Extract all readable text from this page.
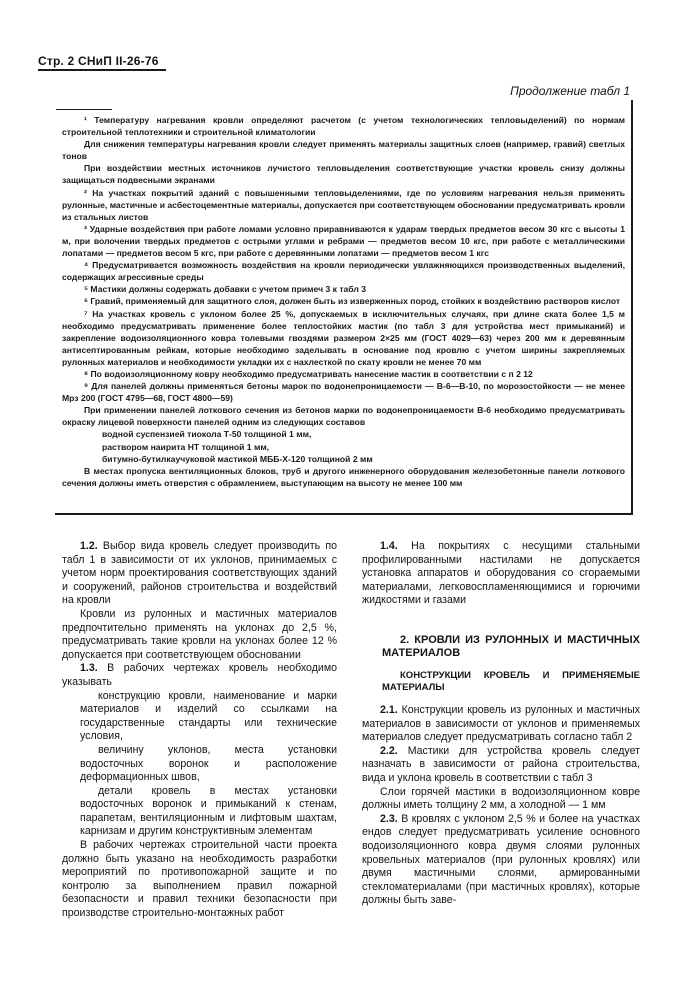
Стр. 2 СНиП II-26-76
Продолжение табл 1

¹ Температуру нагревания кровли определяют расчетом (с учетом технологических тепловыделений) по нормам строительной теплотехники и строительной климатологии

Для снижения температуры нагревания кровли следует применять материалы защитных слоев (например, гравий) светлых тонов

При воздействии местных источников лучистого тепловыделения соответствующие участки кровель снизу должны защищаться подвесными экранами

² На участках покрытий зданий с повышенными тепловыделениями, где по условиям нагревания нельзя применять рулонные, мастичные и асбестоцементные материалы, допускается при соответствующем обосновании предусматривать кровли из стальных листов

³ Ударные воздействия при работе ломами условно приравниваются к ударам твердых предметов весом 30 кгс с высоты 1 м, при волочении твердых предметов с острыми углами и ребрами — предметов весом 10 кгс, при работе с металлическими лопатами — предметов весом 5 кгс, при работе с деревянными лопатами — предметов весом 1 кгс

⁴ Предусматривается возможность воздействия на кровли периодически увлажняющихся производственных выделений, содержащих агрессивные среды

⁵ Мастики должны содержать добавки с учетом примеч 3 к табл 3

⁶ Гравий, применяемый для защитного слоя, должен быть из изверженных пород, стойких к воздействию растворов кислот

⁷ На участках кровель с уклоном более 25 %, допускаемых в исключительных случаях, при длине ската более 1,5 м необходимо предусматривать применение более теплостойких мастик (по табл 3 для устройства мест примыканий) и закрепление водоизоляционного ковра толевыми гвоздями размером 2×25 мм (ГОСТ 4029—63) через 200 мм к деревянным антисептированным рейкам, которые необходимо заделывать в основание под кровлю с учетом ширины закрепляемых рулонных материалов и необходимости укладки их с нахлесткой по скату кровли не менее 70 мм

⁸ По водоизоляционному ковру необходимо предусматривать нанесение мастик в соответствии с п 2 12

⁹ Для панелей должны применяться бетоны марок по водонепроницаемости — В-6—В-10, по морозостойкости — не менее Мрз 200 (ГОСТ 4795—68, ГОСТ 4800—59)

При применении панелей лоткового сечения из бетонов марки по водонепроницаемости В-6 необходимо предусматривать окраску лицевой поверхности панелей одним из следующих составов

водной суспензией тиокола Т-50 толщиной 1 мм,

раствором наирита НТ толщиной 1 мм,

битумно-бутилкаучуковой мастикой МББ-Х-120 толщиной 2 мм

В местах пропуска вентиляционных блоков, труб и другого инженерного оборудования железобетонные панели лоткового сечения должны иметь отверстия с обрамлением, выступающим на высоту не менее 100 мм

1.2. Выбор вида кровель следует производить по табл 1 в зависимости от их уклонов, принимаемых с учетом норм проектирования соответствующих зданий и сооружений, районов строительства и воздействий на кровли

Кровли из рулонных и мастичных материалов предпочтительно применять на уклонах до 2,5 %, предусматривать такие кровли на уклонах более 12 % допускается при соответствующем обосновании

1.3. В рабочих чертежах кровель необходимо указывать

конструкцию кровли, наименование и марки материалов и изделий со ссылками на государственные стандарты или технические условия,

величину уклонов, места установки водосточных воронок и расположение деформационных швов,

детали кровель в местах установки водосточных воронок и примыканий к стенам, парапетам, вентиляционным и лифтовым шахтам, карнизам и другим конструктивным элементам

В рабочих чертежах строительной части проекта должно быть указано на необходимость разработки мероприятий по противопожарной защите и по контролю за выполнением правил пожарной безопасности и правил техники безопасности при производстве строительно-монтажных работ

1.4. На покрытиях с несущими стальными профилированными настилами не допускается установка аппаратов и оборудования со сгораемыми материалами, легковоспламеняющимися и горючими жидкостями и газами

2. КРОВЛИ ИЗ РУЛОННЫХ И МАСТИЧНЫХ МАТЕРИАЛОВ

КОНСТРУКЦИИ КРОВЕЛЬ И ПРИМЕНЯЕМЫЕ МАТЕРИАЛЫ

2.1. Конструкции кровель из рулонных и мастичных материалов в зависимости от уклонов и применяемых материалов следует предусматривать согласно табл 2

2.2. Мастики для устройства кровель следует назначать в зависимости от района строительства, вида и уклона кровель в соответствии с табл 3

Слои горячей мастики в водоизоляционном ковре должны иметь толщину 2 мм, а холодной — 1 мм

2.3. В кровлях с уклоном 2,5 % и более на участках ендов следует предусматривать усиление основного водоизоляционного ковра двумя слоями рулонных кровельных материалов (при рулонных кровлях) или двумя мастичными слоями, армированными стекломатериалами (при мастичных кровлях), которые должны быть заве-
